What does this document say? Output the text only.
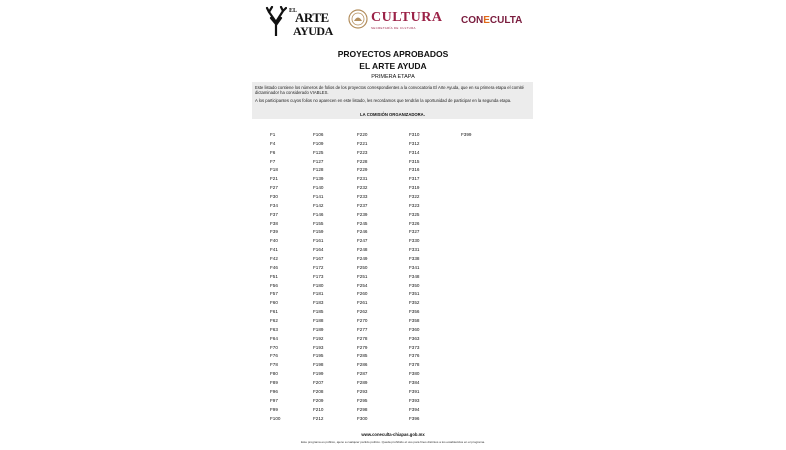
EL
ARTE
AYUDA
CULTURA
SECRETARÍA DE CULTURA
CONECULTA
PROYECTOS APROBADOS
EL ARTE AYUDA
PRIMERA ETAPA

Este listado contiene los números de folios de los proyectos correspondientes a la convocatoria El Arte Ayuda, que en su primera etapa el comité dictaminador ha considerado VIABLES.

A los participantes cuyos folios no aparecen en este listado, les recordamos que tendrán la oportunidad de participar en la segunda etapa.

LA COMISIÓN ORGANIZADORA.
F1
F4
F6
F7
F18
F21
F27
F30
F34
F37
F38
F39
F40
F41
F42
F46
F51
F56
F57
F60
F61
F62
F63
F64
F70
F76
F78
F80
F89
F96
F97
F99
F100
F106
F109
F125
F127
F128
F139
F140
F141
F142
F146
F155
F159
F161
F164
F167
F172
F173
F180
F181
F183
F185
F188
F189
F192
F193
F195
F198
F199
F207
F208
F209
F210
F212
F220
F221
F223
F228
F229
F231
F232
F233
F237
F239
F245
F246
F247
F248
F249
F250
F251
F254
F260
F261
F262
F270
F277
F278
F279
F285
F286
F287
F289
F293
F295
F298
F300
F310
F312
F314
F315
F316
F317
F319
F322
F323
F325
F326
F327
F330
F331
F338
F341
F348
F350
F351
F352
F356
F358
F360
F363
F373
F376
F378
F380
F384
F391
F393
F394
F396
F399
www.coneculta-chiapas.gob.mx
Este programa es público, ajeno a cualquier partido político. Queda prohibido el uso para fines distintos a los establecidos en el programa.
